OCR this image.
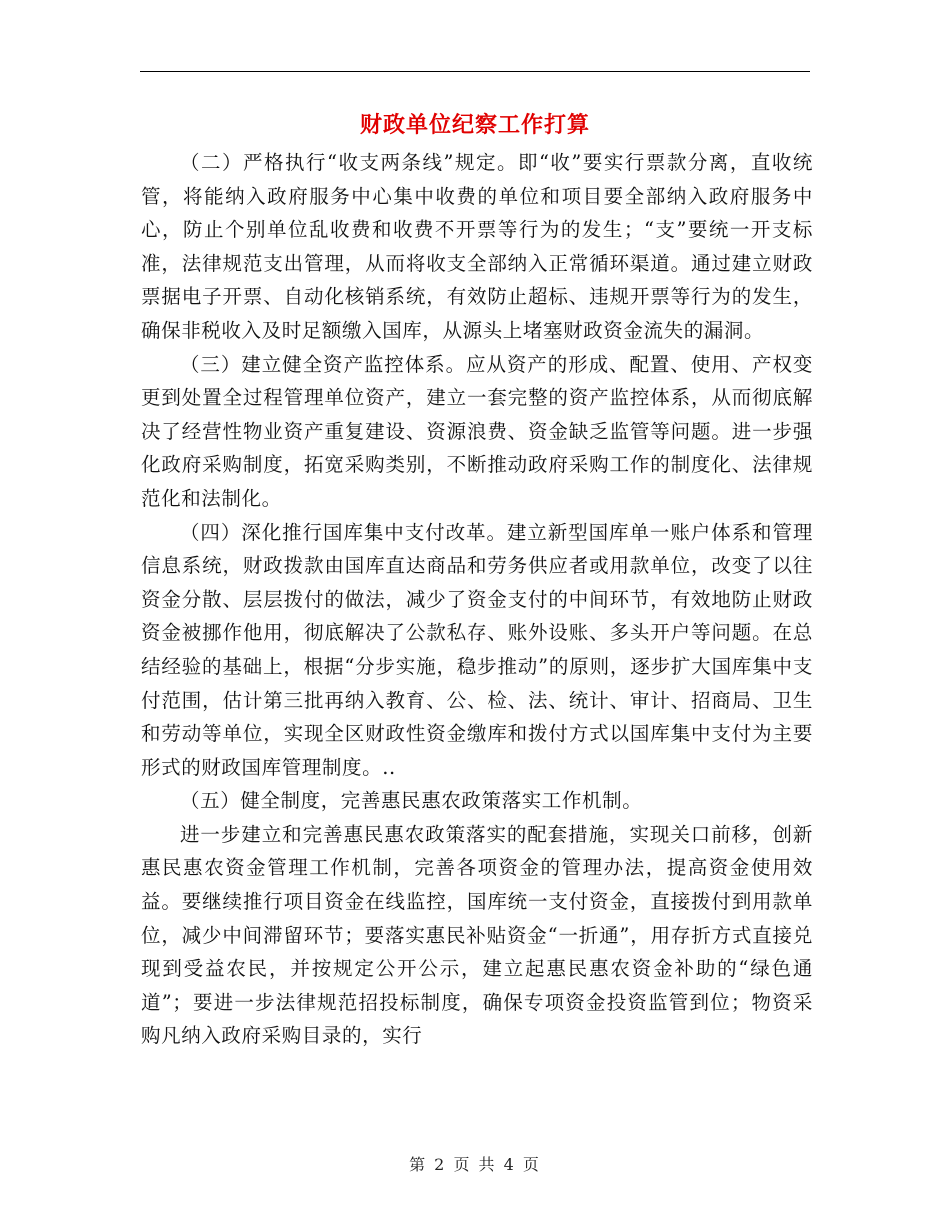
财政单位纪察工作打算

（二）严格执行“收支两条线”规定。即“收”要实行票款分离，直收统管，将能纳入政府服务中心集中收费的单位和项目要全部纳入政府服务中心，防止个别单位乱收费和收费不开票等行为的发生；“支”要统一开支标准，法律规范支出管理，从而将收支全部纳入正常循环渠道。通过建立财政票据电子开票、自动化核销系统，有效防止超标、违规开票等行为的发生，确保非税收入及时足额缴入国库，从源头上堵塞财政资金流失的漏洞。

（三）建立健全资产监控体系。应从资产的形成、配置、使用、产权变更到处置全过程管理单位资产，建立一套完整的资产监控体系，从而彻底解决了经营性物业资产重复建设、资源浪费、资金缺乏监管等问题。进一步强化政府采购制度，拓宽采购类别，不断推动政府采购工作的制度化、法律规范化和法制化。

（四）深化推行国库集中支付改革。建立新型国库单一账户体系和管理信息系统，财政拨款由国库直达商品和劳务供应者或用款单位，改变了以往资金分散、层层拨付的做法，减少了资金支付的中间环节，有效地防止财政资金被挪作他用，彻底解决了公款私存、账外设账、多头开户等问题。在总结经验的基础上，根据“分步实施，稳步推动”的原则，逐步扩大国库集中支付范围，估计第三批再纳入教育、公、检、法、统计、审计、招商局、卫生和劳动等单位，实现全区财政性资金缴库和拨付方式以国库集中支付为主要形式的财政国库管理制度。..

（五）健全制度，完善惠民惠农政策落实工作机制。

进一步建立和完善惠民惠农政策落实的配套措施，实现关口前移，创新惠民惠农资金管理工作机制，完善各项资金的管理办法，提高资金使用效益。要继续推行项目资金在线监控，国库统一支付资金，直接拨付到用款单位，减少中间滞留环节；要落实惠民补贴资金“一折通”，用存折方式直接兑现到受益农民，并按规定公开公示，建立起惠民惠农资金补助的“绿色通道”；要进一步法律规范招投标制度，确保专项资金投资监管到位；物资采购凡纳入政府采购目录的，实行

第 2 页 共 4 页
